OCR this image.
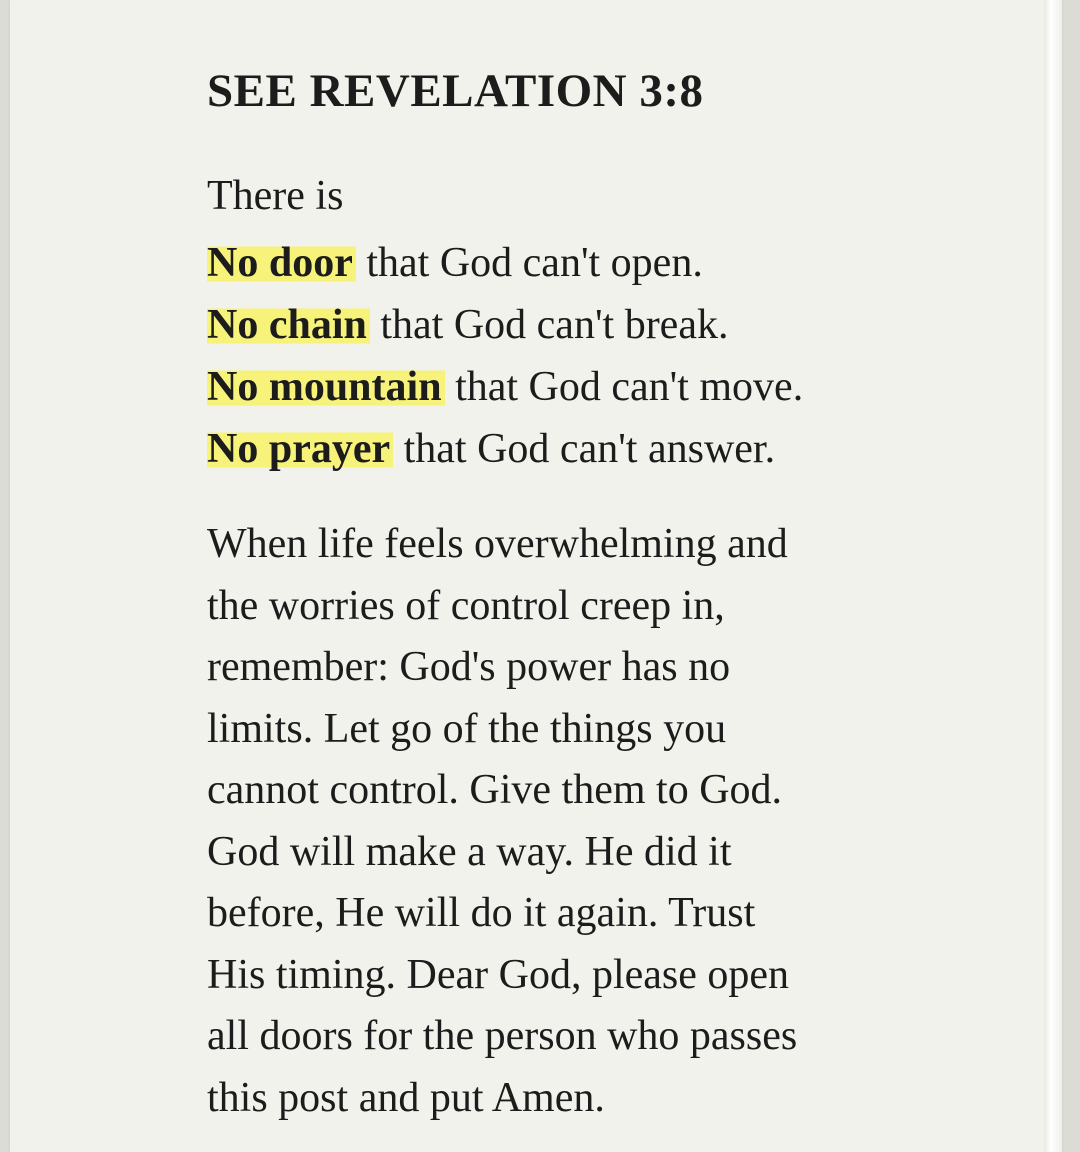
SEE REVELATION 3:8

There is

No door that God can't open.
No chain that God can't break.
No mountain that God can't move.
No prayer that God can't answer.
When life feels overwhelming and
the worries of control creep in,
remember: God's power has no
limits. Let go of the things you
cannot control. Give them to God.
God will make a way. He did it
before, He will do it again. Trust
His timing. Dear God, please open
all doors for the person who passes
this post and put Amen.
